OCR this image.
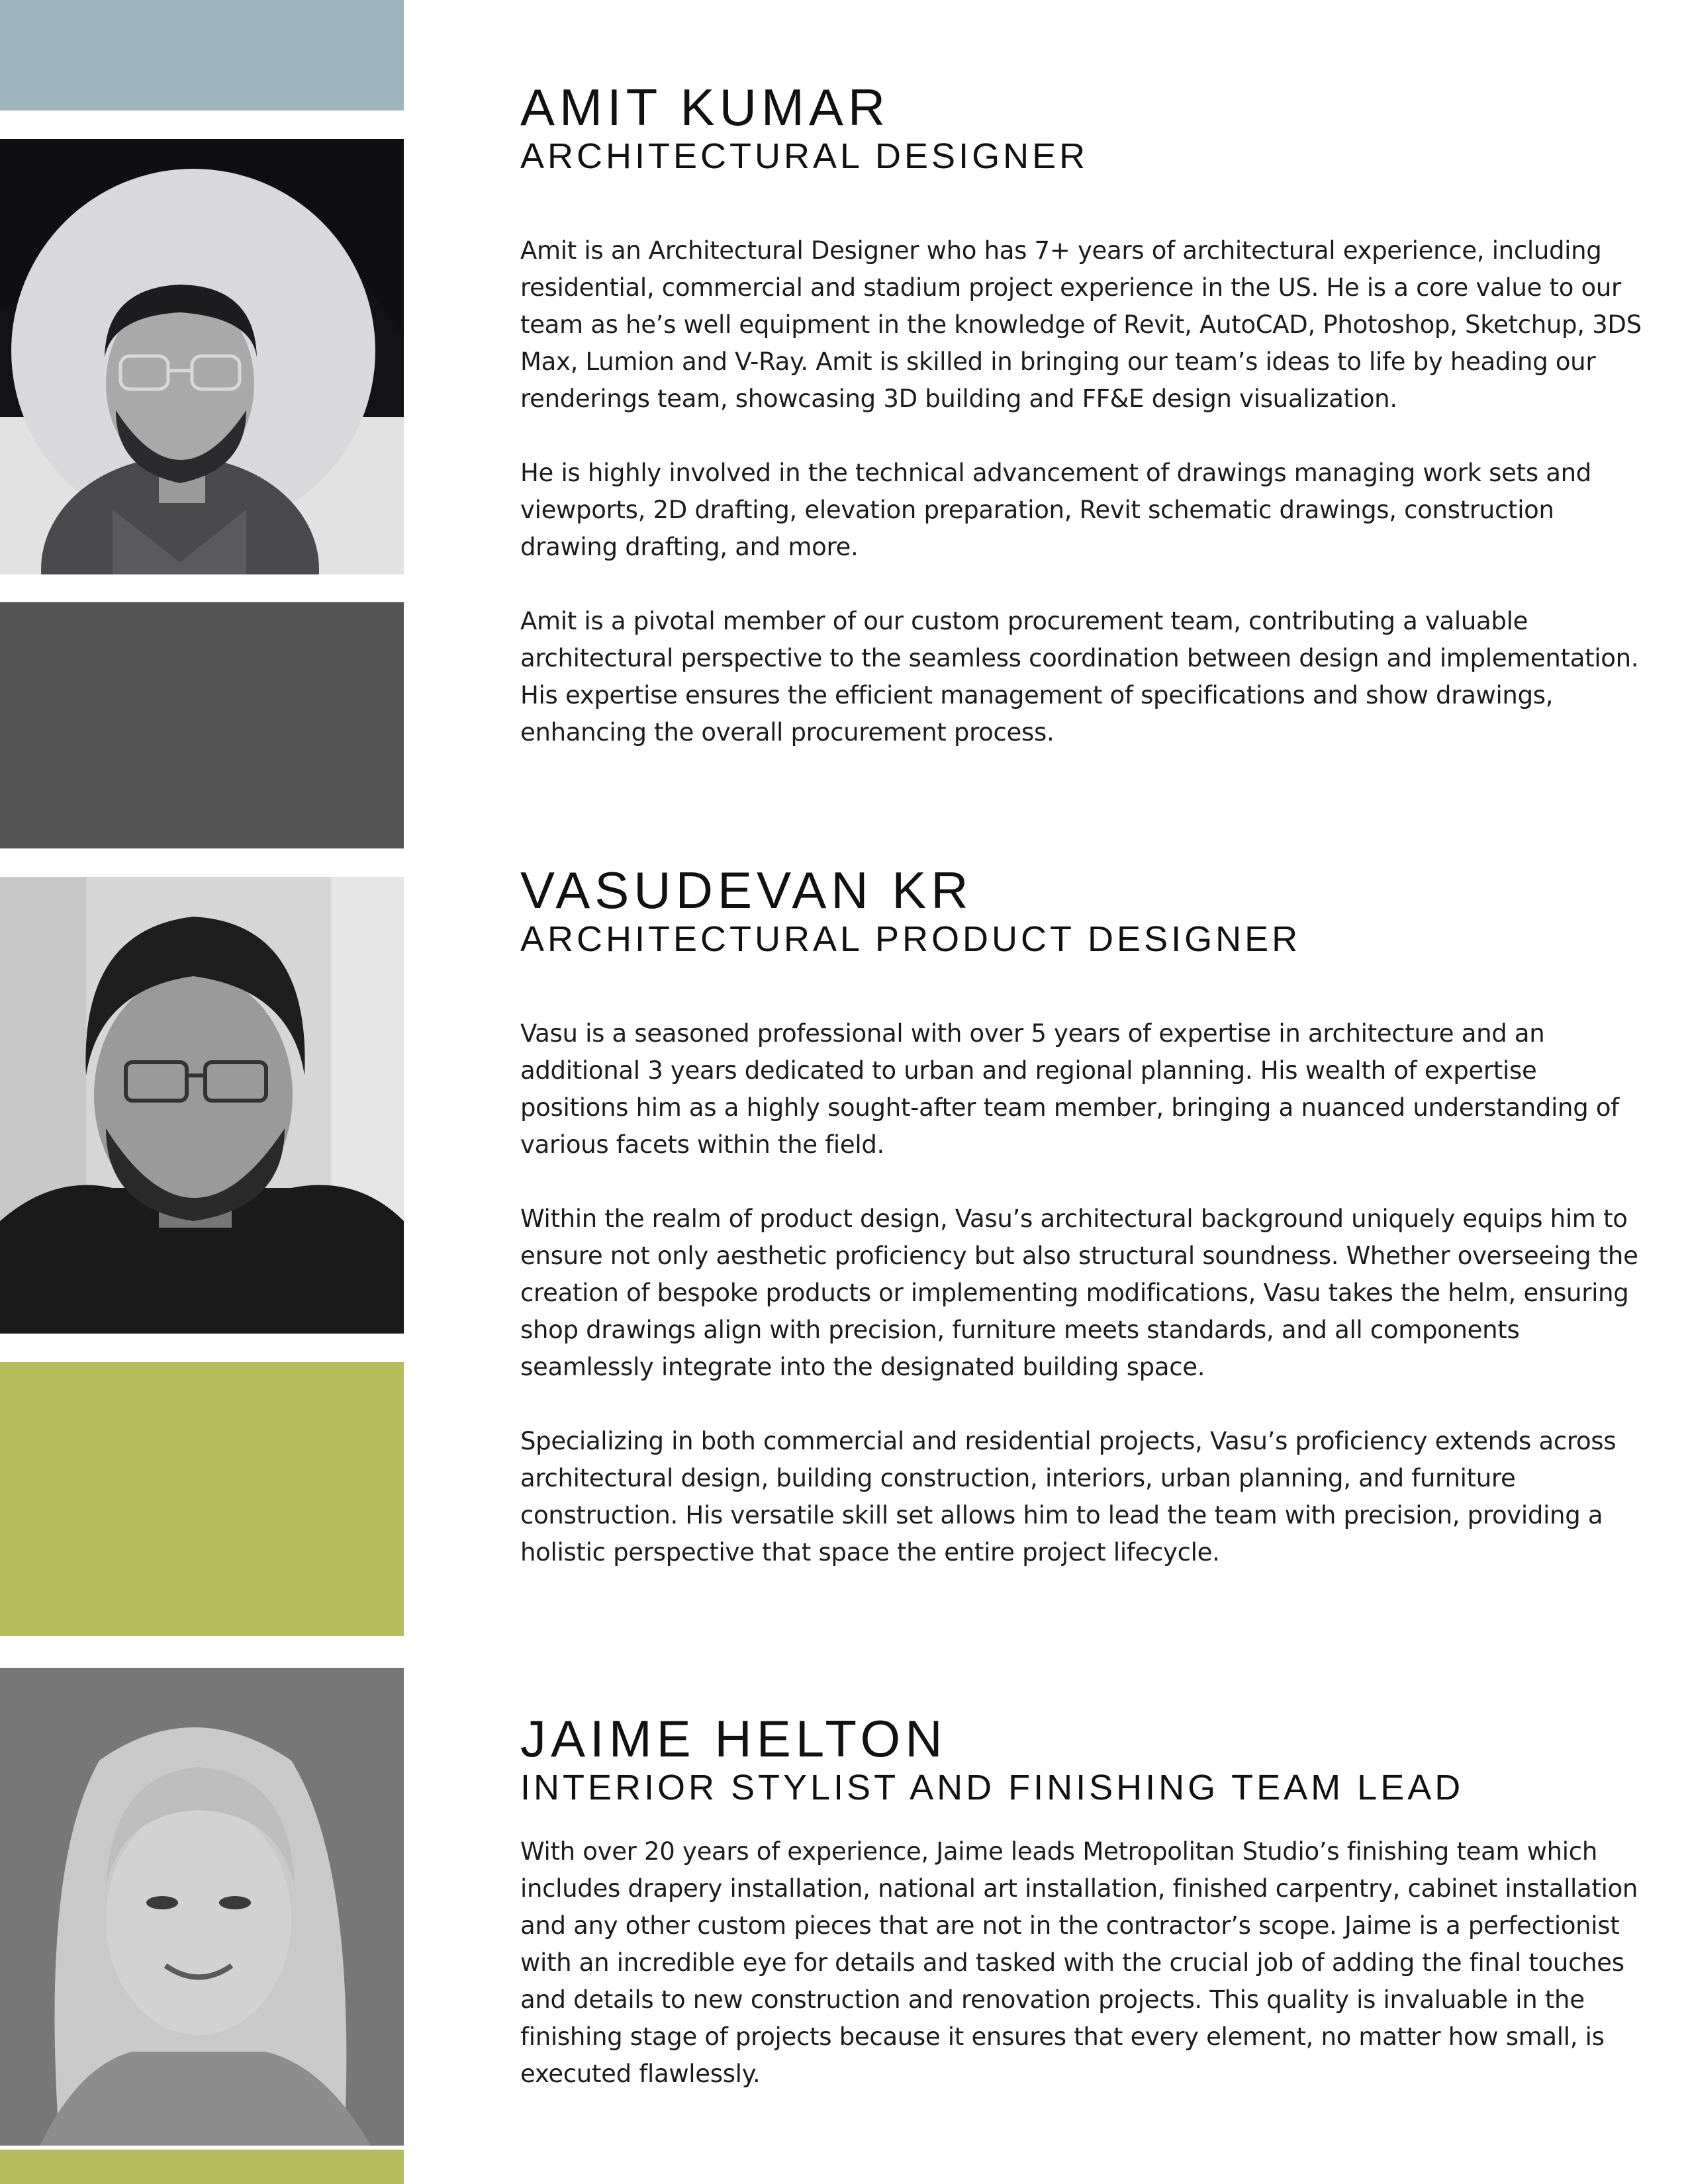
AMIT KUMAR
ARCHITECTURAL DESIGNER

Amit is an Architectural Designer who has 7+ years of architectural experience, including residential, commercial and stadium project experience in the US. He is a core value to our team as he’s well equipment in the knowledge of Revit, AutoCAD, Photoshop, Sketchup, 3DS Max, Lumion and V-Ray. Amit is skilled in bringing our team’s ideas to life by heading our renderings team, showcasing 3D building and FF&E design visualization.

He is highly involved in the technical advancement of drawings managing work sets and viewports, 2D drafting, elevation preparation, Revit schematic drawings, construction drawing drafting, and more.

Amit is a pivotal member of our custom procurement team, contributing a valuable architectural perspective to the seamless coordination between design and implementation. His expertise ensures the efficient management of specifications and show drawings, enhancing the overall procurement process.

VASUDEVAN KR
ARCHITECTURAL PRODUCT DESIGNER

Vasu is a seasoned professional with over 5 years of expertise in architecture and an additional 3 years dedicated to urban and regional planning. His wealth of expertise positions him as a highly sought-after team member, bringing a nuanced understanding of various facets within the field.

Within the realm of product design, Vasu’s architectural background uniquely equips him to ensure not only aesthetic proficiency but also structural soundness. Whether overseeing the creation of bespoke products or implementing modifications, Vasu takes the helm, ensuring shop drawings align with precision, furniture meets standards, and all components seamlessly integrate into the designated building space.

Specializing in both commercial and residential projects, Vasu’s proficiency extends across architectural design, building construction, interiors, urban planning, and furniture construction. His versatile skill set allows him to lead the team with precision, providing a holistic perspective that space the entire project lifecycle.

JAIME HELTON
INTERIOR STYLIST AND FINISHING TEAM LEAD

With over 20 years of experience, Jaime leads Metropolitan Studio’s finishing team which includes drapery installation, national art installation, finished carpentry, cabinet installation and any other custom pieces that are not in the contractor’s scope. Jaime is a perfectionist with an incredible eye for details and tasked with the crucial job of adding the final touches and details to new construction and renovation projects. This quality is invaluable in the finishing stage of projects because it ensures that every element, no matter how small, is executed flawlessly.
